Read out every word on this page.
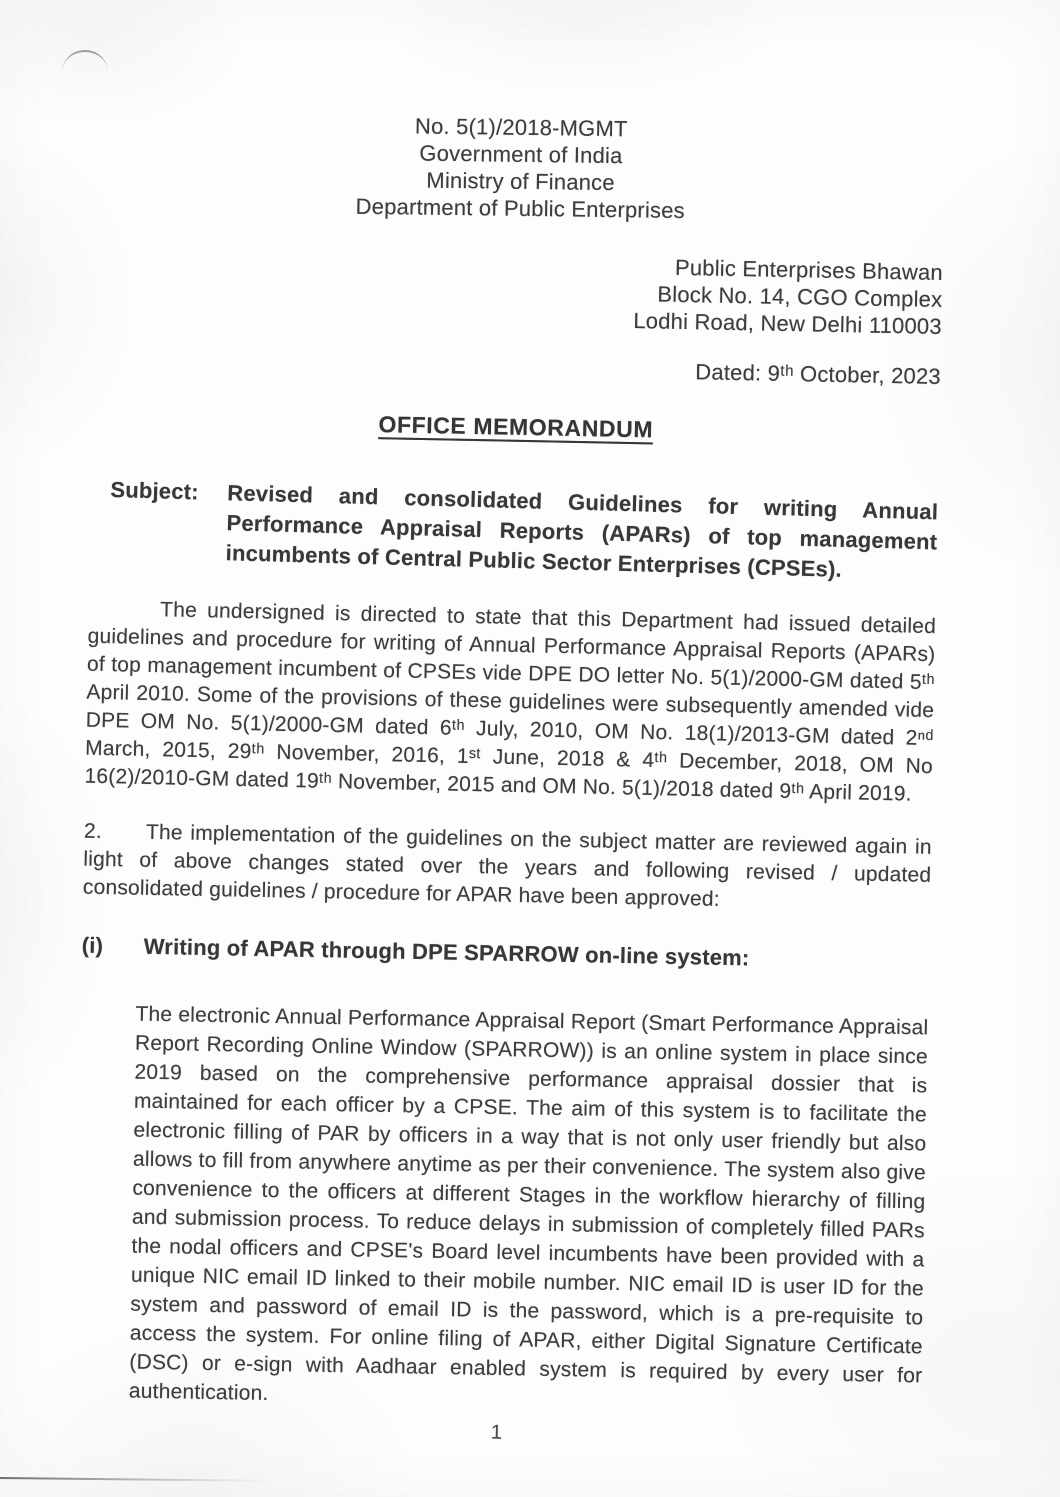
No. 5(1)/2018-MGMT
Government of India
Ministry of Finance
Department of Public Enterprises
Public Enterprises Bhawan
Block No. 14, CGO Complex
Lodhi Road, New Delhi 110003
Dated: 9ᵗʰ October, 2023
OFFICE MEMORANDUM
Subject:	Revised and consolidated Guidelines for writing Annual Performance Appraisal Reports (APARs) of top management incumbents of Central Public Sector Enterprises (CPSEs).

The undersigned is directed to state that this Department had issued detailed guidelines and procedure for writing of Annual Performance Appraisal Reports (APARs) of top management incumbent of CPSEs vide DPE DO letter No. 5(1)/2000-GM dated 5ᵗʰ April 2010. Some of the provisions of these guidelines were subsequently amended vide DPE OM No. 5(1)/2000-GM dated 6ᵗʰ July, 2010, OM No. 18(1)/2013-GM dated 2ⁿᵈ March, 2015, 29ᵗʰ November, 2016, 1ˢᵗ June, 2018 & 4ᵗʰ December, 2018, OM No 16(2)/2010-GM dated 19ᵗʰ November, 2015 and OM No. 5(1)/2018 dated 9ᵗʰ April 2019.

2. The implementation of the guidelines on the subject matter are reviewed again in light of above changes stated over the years and following revised / updated consolidated guidelines / procedure for APAR have been approved:

(i)	Writing of APAR through DPE SPARROW on-line system:

The electronic Annual Performance Appraisal Report (Smart Performance Appraisal Report Recording Online Window (SPARROW)) is an online system in place since 2019 based on the comprehensive performance appraisal dossier that is maintained for each officer by a CPSE. The aim of this system is to facilitate the electronic filling of PAR by officers in a way that is not only user friendly but also allows to fill from anywhere anytime as per their convenience. The system also give convenience to the officers at different Stages in the workflow hierarchy of filling and submission process. To reduce delays in submission of completely filled PARs the nodal officers and CPSE's Board level incumbents have been provided with a unique NIC email ID linked to their mobile number. NIC email ID is user ID for the system and password of email ID is the password, which is a pre-requisite to access the system. For online filing of APAR, either Digital Signature Certificate (DSC) or e-sign with Aadhaar enabled system is required by every user for authentication.

1
